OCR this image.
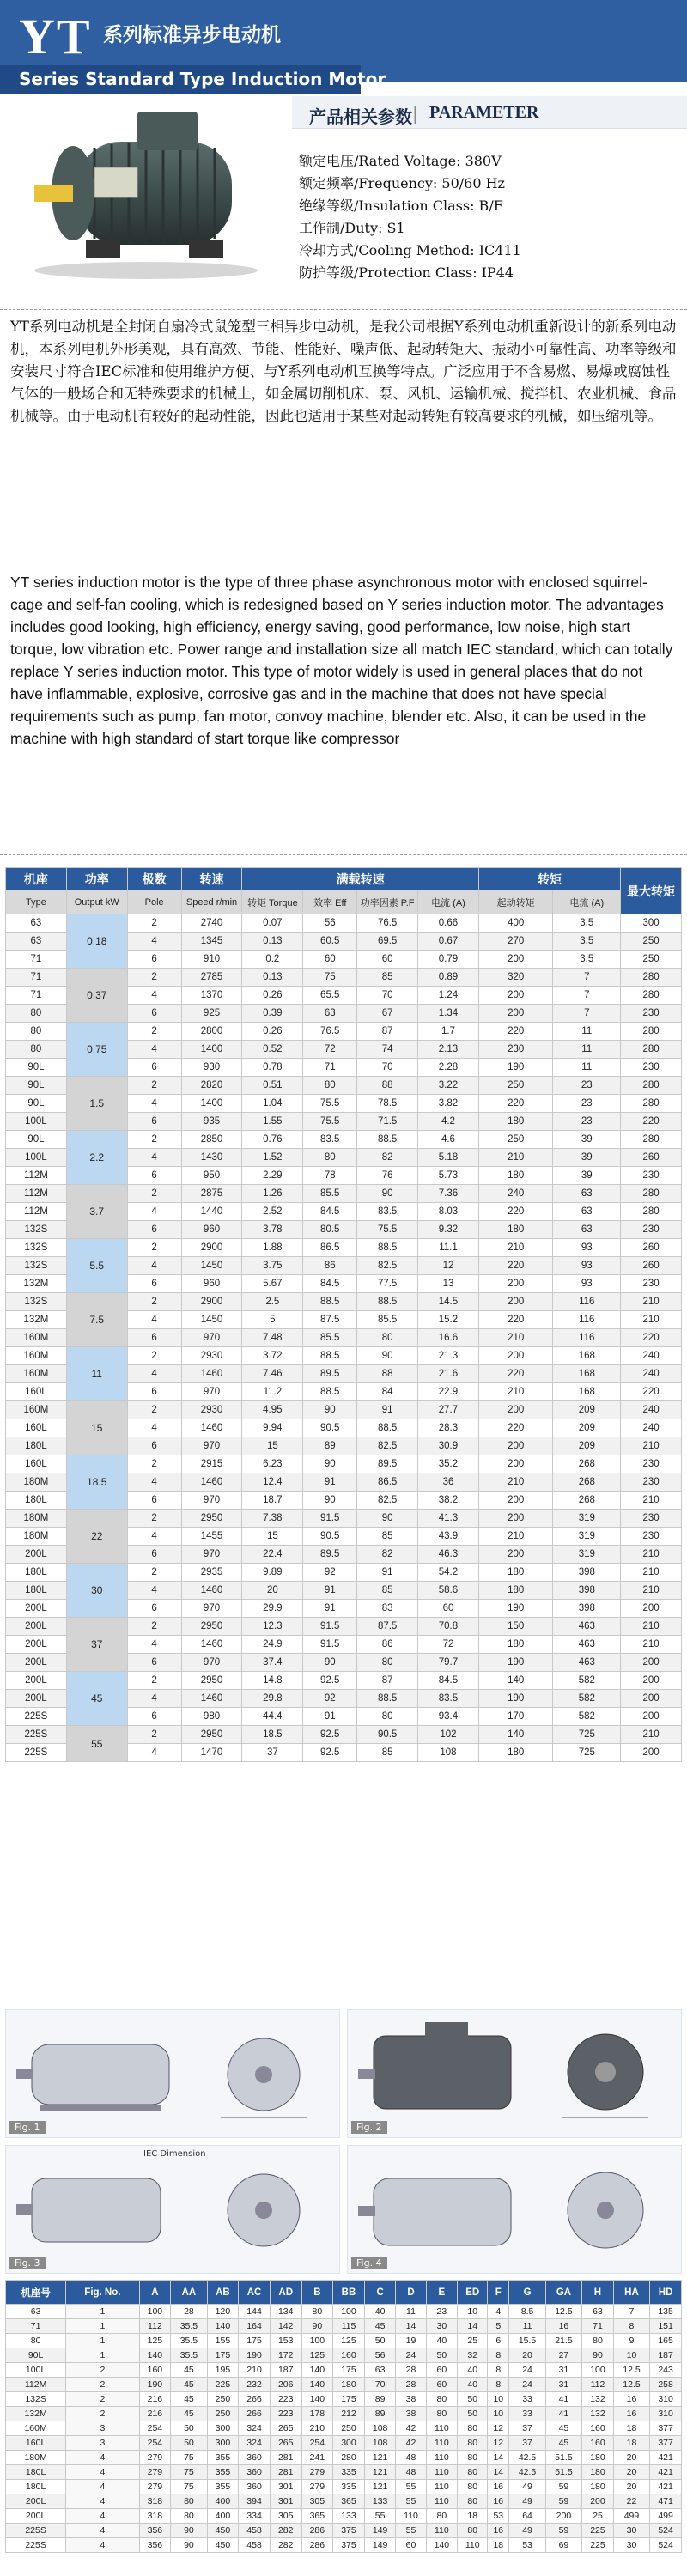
YT 系列标准异步电动机
Series Standard Type Induction Motor
产品相关参数 | PARAMETER
额定电压/Rated Voltage: 380V
额定频率/Frequency: 50/60 Hz
绝缘等级/Insulation Class: B/F
工作制/Duty: S1
冷却方式/Cooling Method: IC411
防护等级/Protection Class: IP44
YT系列电动机是全封闭自扇冷式鼠笼型三相异步电动机，是我公司根据Y系列电动机重新设计的新系列电动机，本系列电机外形美观，具有高效、节能、性能好、噪声低、起动转矩大、振动小可靠性高、功率等级和安装尺寸符合IEC标准和使用维护方便、与Y系列电动机互换等特点。广泛应用于不含易燃、易爆或腐蚀性气体的一般场合和无特殊要求的机械上，如金属切削机床、泵、风机、运输机械、搅拌机、农业机械、食品机械等。由于电动机有较好的起动性能，因此也适用于某些对起动转矩有较高要求的机械，如压缩机等。
YT series induction motor is the type of three phase asynchronous motor with enclosed squirrel-cage and self-fan cooling, which is redesigned based on Y series induction motor. The advantages includes good looking, high efficiency, energy saving, good performance, low noise, high start torque, low vibration etc. Power range and installation size all match IEC standard, which can totally replace Y series induction motor. This type of motor widely is used in general places that do not have inflammable, explosive, corrosive gas and in the machine that does not have special requirements such as pump, fan motor, convoy machine, blender etc. Also, it can be used in the machine with high standard of start torque like compressor
机座	功率	极数	转速	满载转速				转矩		最大转矩
Type	Output kW	Pole	Speed r/min	转矩 Torque	效率 Eff	功率因素 P.F	电流 (A)	起动转矩	电流 (A)	
63	0.18	2	2740	0.07	56	76.5	0.66	400	3.5	300
63		4	1345	0.13	60.5	69.5	0.67	270	3.5	250
71		6	910	0.2	60	60	0.79	200	3.5	250
71	0.37	2	2785	0.13	75	85	0.89	320	7	280
71		4	1370	0.26	65.5	70	1.24	200	7	280
80		6	925	0.39	63	67	1.34	200	7	230
80	0.75	2	2800	0.26	76.5	87	1.7	220	11	280
80		4	1400	0.52	72	74	2.13	230	11	280
90L		6	930	0.78	71	70	2.28	190	11	230
90L	1.5	2	2820	0.51	80	88	3.22	250	23	280
90L		4	1400	1.04	75.5	78.5	3.82	220	23	280
100L		6	935	1.55	75.5	71.5	4.2	180	23	220
90L	2.2	2	2850	0.76	83.5	88.5	4.6	250	39	280
100L		4	1430	1.52	80	82	5.18	210	39	260
112M		6	950	2.29	78	76	5.73	180	39	230
112M	3.7	2	2875	1.26	85.5	90	7.36	240	63	280
112M		4	1440	2.52	84.5	83.5	8.03	220	63	280
132S		6	960	3.78	80.5	75.5	9.32	180	63	230
132S	5.5	2	2900	1.88	86.5	88.5	11.1	210	93	260
132S		4	1450	3.75	86	82.5	12	220	93	260
132M		6	960	5.67	84.5	77.5	13	200	93	230
132S	7.5	2	2900	2.5	88.5	88.5	14.5	200	116	210
132M		4	1450	5	87.5	85.5	15.2	220	116	210
160M		6	970	7.48	85.5	80	16.6	210	116	220
160M	11	2	2930	3.72	88.5	90	21.3	200	168	240
160M		4	1460	7.46	89.5	88	21.6	220	168	240
160L		6	970	11.2	88.5	84	22.9	210	168	220
160M	15	2	2930	4.95	90	91	27.7	200	209	240
160L		4	1460	9.94	90.5	88.5	28.3	220	209	240
180L		6	970	15	89	82.5	30.9	200	209	210
160L	18.5	2	2915	6.23	90	89.5	35.2	200	268	230
180M		4	1460	12.4	91	86.5	36	210	268	230
180L		6	970	18.7	90	82.5	38.2	200	268	210
180M	22	2	2950	7.38	91.5	90	41.3	200	319	230
180M		4	1455	15	90.5	85	43.9	210	319	230
200L		6	970	22.4	89.5	82	46.3	200	319	210
180L	30	2	2935	9.89	92	91	54.2	180	398	210
180L		4	1460	20	91	85	58.6	180	398	210
200L		6	970	29.9	91	83	60	190	398	200
200L	37	2	2950	12.3	91.5	87.5	70.8	150	463	210
200L		4	1460	24.9	91.5	86	72	180	463	210
200L		6	970	37.4	90	80	79.7	190	463	200
200L	45	2	2950	14.8	92.5	87	84.5	140	582	200
200L		4	1460	29.8	92	88.5	83.5	190	582	200
225S		6	980	44.4	91	80	93.4	170	582	200
225S	55	2	2950	18.5	92.5	90.5	102	140	725	210
225S		4	1470	37	92.5	85	108	180	725	200
Fig. 1	Fig. 2
IEC Dimension
Fig. 3	Fig. 4
机座号	Fig. No.	A	AA	AB	AC	AD	B	BB	C	D	E	ED	F	G	GA	H	HA	HD
63	1	100	28	120	144	134	80	100	40	11	23	10	4	8.5	12.5	63	7	135
71	1	112	35.5	140	164	142	90	115	45	14	30	14	5	11	16	71	8	151
80	1	125	35.5	155	175	153	100	125	50	19	40	25	6	15.5	21.5	80	9	165
90L	1	140	35.5	175	190	172	125	160	56	24	50	32	8	20	27	90	10	187
100L	2	160	45	195	210	187	140	175	63	28	60	40	8	24	31	100	12.5	243
112M	2	190	45	225	232	206	140	180	70	28	60	40	8	24	31	112	12.5	258
132S	2	216	45	250	266	223	140	175	89	38	80	50	10	33	41	132	16	310
132M	2	216	45	250	266	223	178	212	89	38	80	50	10	33	41	132	16	310
160M	3	254	50	300	324	265	210	250	108	42	110	80	12	37	45	160	18	377
160L	3	254	50	300	324	265	254	300	108	42	110	80	12	37	45	160	18	377
180M	4	279	75	355	360	281	241	280	121	48	110	80	14	42.5	51.5	180	20	421
180L	4	279	75	355	360	281	279	335	121	48	110	80	14	42.5	51.5	180	20	421
180L	4	279	75	355	360	301	279	335	121	55	110	80	16	49	59	180	20	421
200L	4	318	80	400	394	301	305	365	133	55	110	80	16	49	59	200	22	471
200L	4	318	80	400	334	305	365	133	55	110	80	18	53	64	200	25	499	499
225S	4	356	90	450	458	282	286	375	149	55	110	80	16	49	59	225	30	524
225S	4	356	90	450	458	282	286	375	149	60	140	110	18	53	69	225	30	524
